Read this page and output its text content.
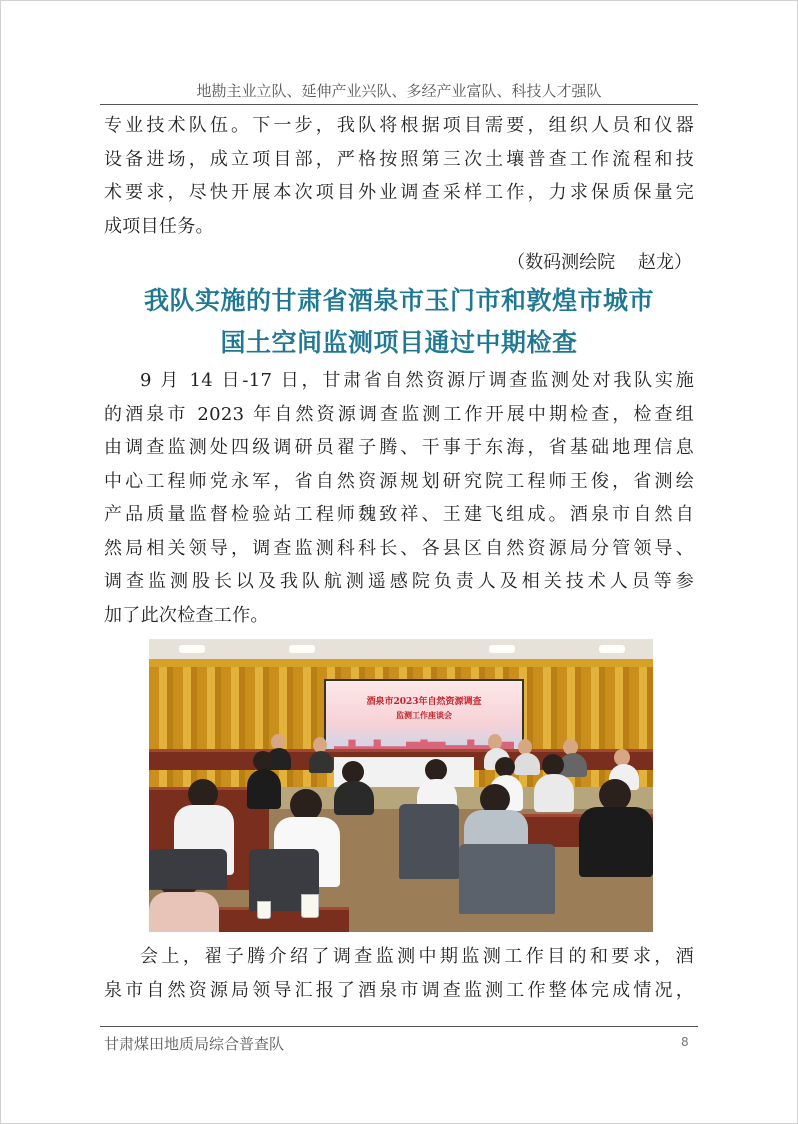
地勘主业立队、延伸产业兴队、多经产业富队、科技人才强队

专业技术队伍。下一步，我队将根据项目需要，组织人员和仪器

设备进场，成立项目部，严格按照第三次土壤普查工作流程和技

术要求，尽快开展本次项目外业调查采样工作，力求保质保量完

成项目任务。

（数码测绘院    赵龙）
我队实施的甘肃省酒泉市玉门市和敦煌市城市
国土空间监测项目通过中期检查

9 月 14 日-17 日，甘肃省自然资源厅调查监测处对我队实施

的酒泉市 2023 年自然资源调查监测工作开展中期检查，检查组

由调查监测处四级调研员翟子腾、干事于东海，省基础地理信息

中心工程师党永军，省自然资源规划研究院工程师王俊，省测绘

产品质量监督检验站工程师魏致祥、王建飞组成。酒泉市自然自

然局相关领导，调查监测科科长、各县区自然资源局分管领导、

调查监测股长以及我队航测遥感院负责人及相关技术人员等参

加了此次检查工作。

酒泉市2023年自然资源调查
监测工作座谈会

会上，翟子腾介绍了调查监测中期监测工作目的和要求，酒

泉市自然资源局领导汇报了酒泉市调查监测工作整体完成情况，

甘肃煤田地质局综合普查队	8
